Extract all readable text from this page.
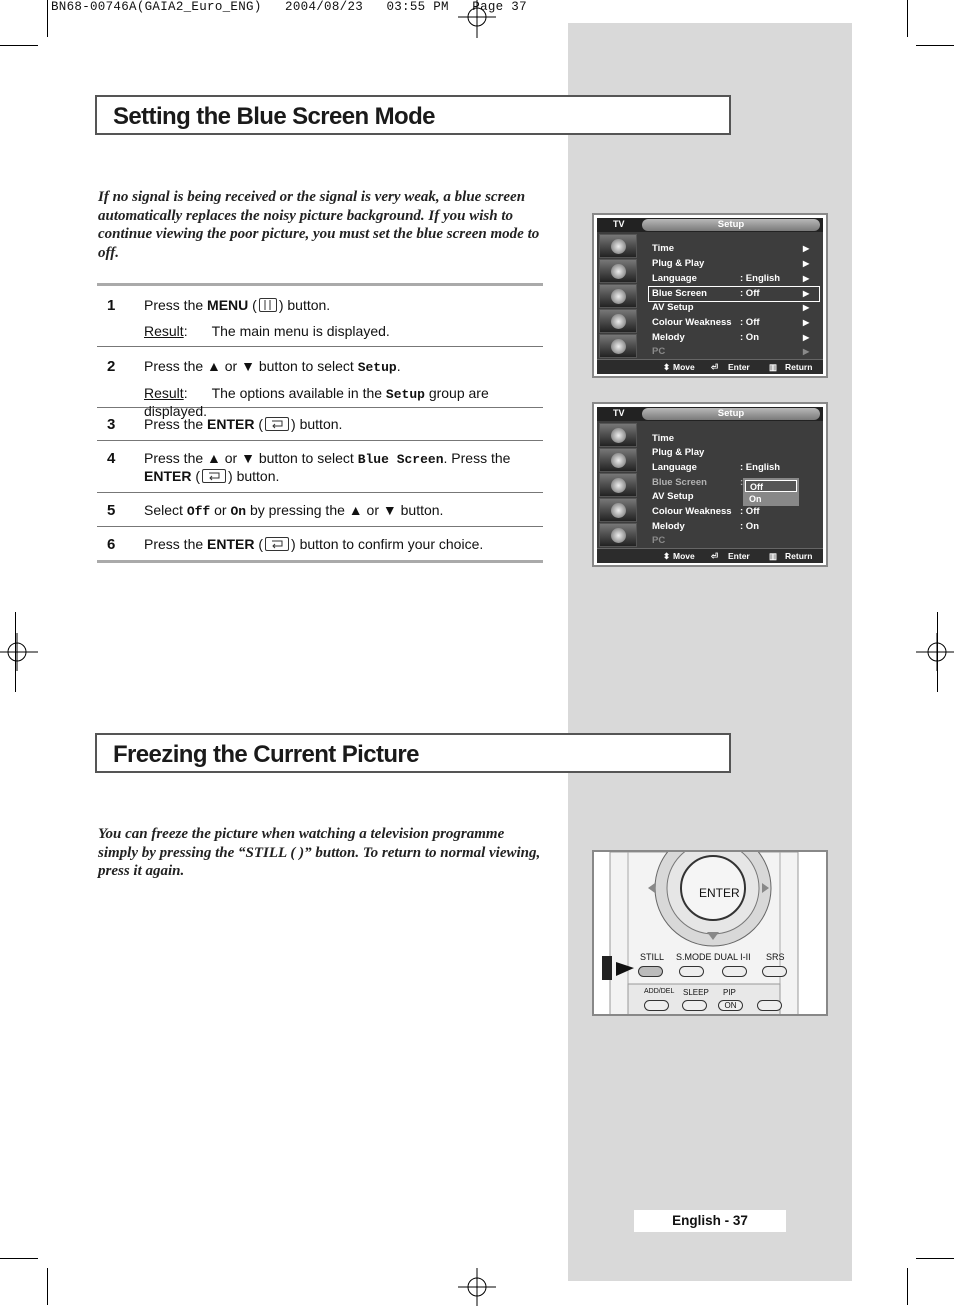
BN68-00746A(GAIA2_Euro_ENG)   2004/08/23   03:55 PM   Page 37
Setting the Blue Screen Mode
If no signal is being received or the signal is very weak, a blue screen automatically replaces the noisy picture background. If you wish to continue viewing the poor picture, you must set the blue screen mode to off.
1 Press the MENU ( ) button.
Result: The main menu is displayed.
2 Press the ▲ or ▼ button to select Setup.
Result: The options available in the Setup group are displayed.
3 Press the ENTER ( ) button.
4 Press the ▲ or ▼ button to select Blue Screen. Press the
ENTER ( ) button.
5 Select Off or On by pressing the ▲ or ▼ button.
6 Press the ENTER ( ) button to confirm your choice.
TV	Setup
Time	▶
Plug & Play	▶
Language	: English	▶
Blue Screen	: Off	▶
AV Setup	▶
Colour Weakness : Off	▶
Melody	: On	▶
PC	▶
⬍ Move ⏎ Enter ▥ Return
TV	Setup
Time
Plug & Play
Language	: English
Blue Screen	:
AV Setup
Colour Weakness : Off
Melody	: On
PC
Off
On
⬍ Move ⏎ Enter ▥ Return
Freezing the Current Picture
You can freeze the picture when watching a television programme simply by pressing the “STILL ( )” button. To return to normal viewing, press it again.
ENTER
STILL S.MODE DUAL I-II SRS
ADD/DEL SLEEP PIP
ON
English - 37
